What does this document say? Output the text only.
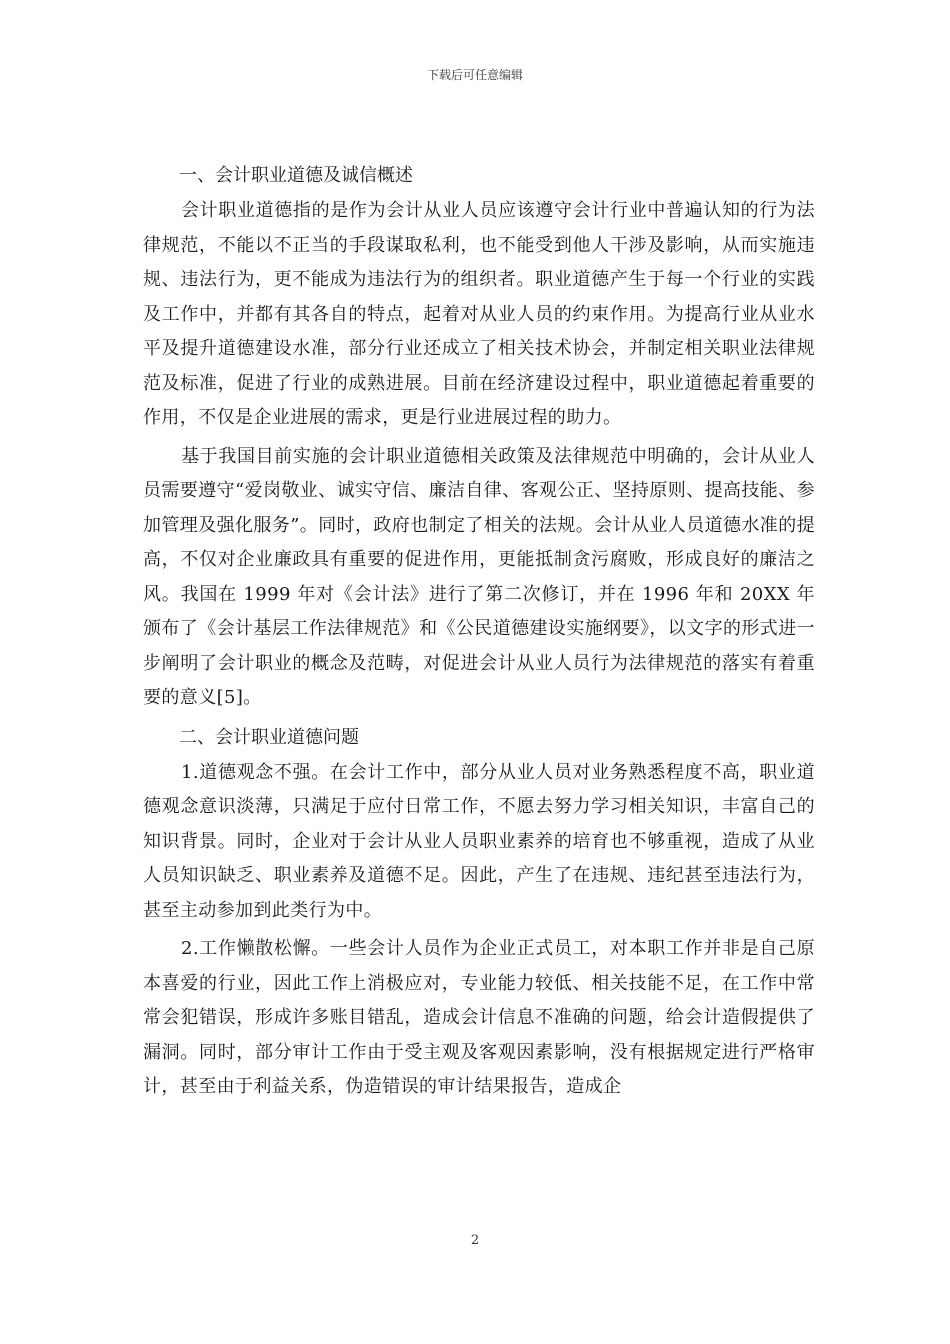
下载后可任意编辑
一、会计职业道德及诚信概述

会计职业道德指的是作为会计从业人员应该遵守会计行业中普遍认知的行为法律规范，不能以不正当的手段谋取私利，也不能受到他人干涉及影响，从而实施违规、违法行为，更不能成为违法行为的组织者。职业道德产生于每一个行业的实践及工作中，并都有其各自的特点，起着对从业人员的约束作用。为提高行业从业水平及提升道德建设水准，部分行业还成立了相关技术协会，并制定相关职业法律规范及标准，促进了行业的成熟进展。目前在经济建设过程中，职业道德起着重要的作用，不仅是企业进展的需求，更是行业进展过程的助力。

基于我国目前实施的会计职业道德相关政策及法律规范中明确的，会计从业人员需要遵守“爱岗敬业、诚实守信、廉洁自律、客观公正、坚持原则、提高技能、参加管理及强化服务”。同时，政府也制定了相关的法规。会计从业人员道德水准的提高，不仅对企业廉政具有重要的促进作用，更能抵制贪污腐败，形成良好的廉洁之风。我国在 1999 年对《会计法》进行了第二次修订，并在 1996 年和 20XX 年颁布了《会计基层工作法律规范》和《公民道德建设实施纲要》，以文字的形式进一步阐明了会计职业的概念及范畴，对促进会计从业人员行为法律规范的落实有着重要的意义[5]。

二、会计职业道德问题

1.道德观念不强。在会计工作中，部分从业人员对业务熟悉程度不高，职业道德观念意识淡薄，只满足于应付日常工作，不愿去努力学习相关知识，丰富自己的知识背景。同时，企业对于会计从业人员职业素养的培育也不够重视，造成了从业人员知识缺乏、职业素养及道德不足。因此，产生了在违规、违纪甚至违法行为，甚至主动参加到此类行为中。

2.工作懒散松懈。一些会计人员作为企业正式员工，对本职工作并非是自己原本喜爱的行业，因此工作上消极应对，专业能力较低、相关技能不足，在工作中常常会犯错误，形成许多账目错乱，造成会计信息不准确的问题，给会计造假提供了漏洞。同时，部分审计工作由于受主观及客观因素影响，没有根据规定进行严格审计，甚至由于利益关系，伪造错误的审计结果报告，造成企

2
